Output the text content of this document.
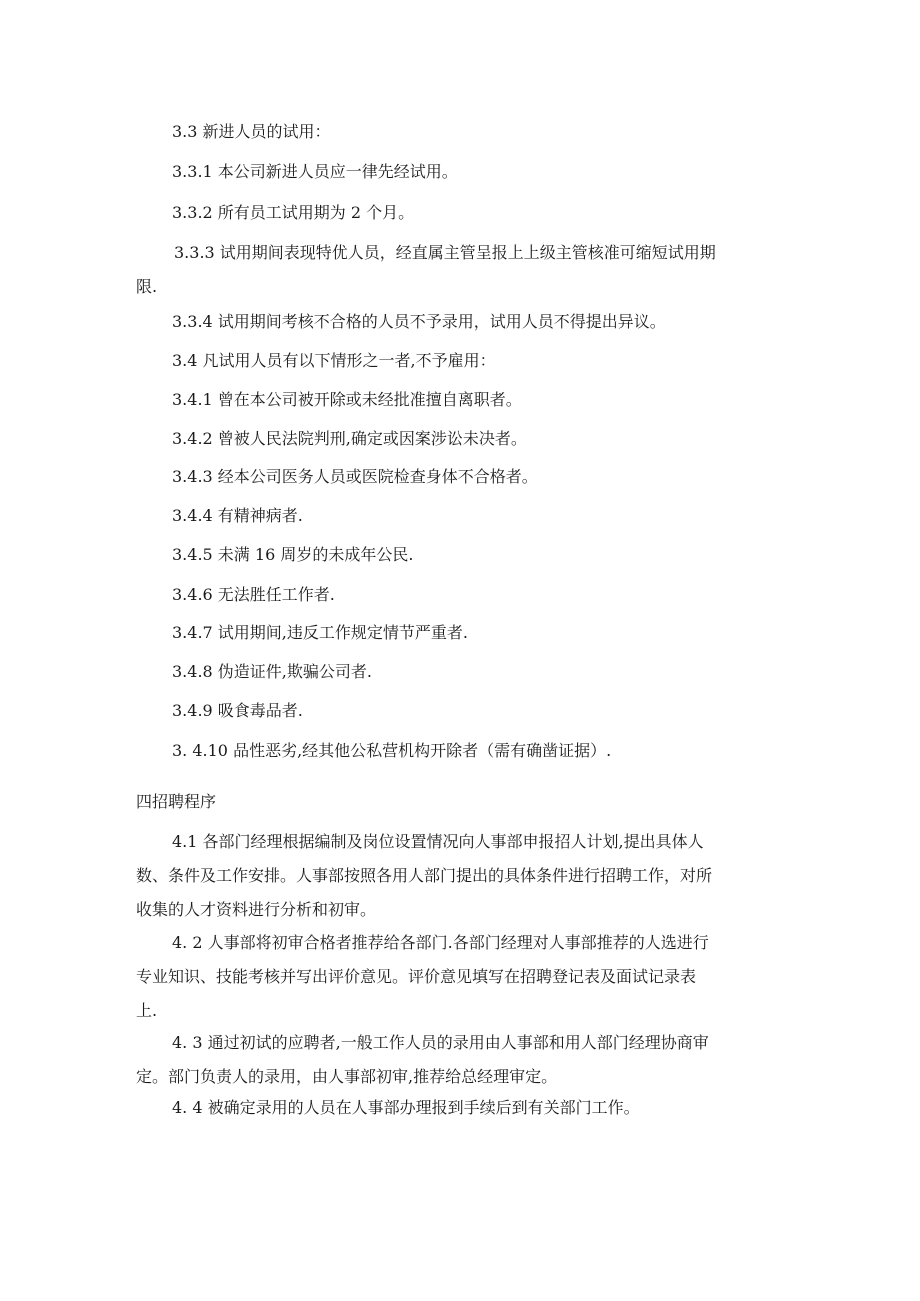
3.3 新进人员的试用：

3.3.1 本公司新进人员应一律先经试用。

3.3.2 所有员工试用期为 2 个月。

3.3.3 试用期间表现特优人员，经直属主管呈报上上级主管核准可缩短试用期
限.

3.3.4 试用期间考核不合格的人员不予录用，试用人员不得提出异议。

3.4 凡试用人员有以下情形之一者,不予雇用：

3.4.1 曾在本公司被开除或未经批准擅自离职者。

3.4.2 曾被人民法院判刑,确定或因案涉讼未决者。

3.4.3 经本公司医务人员或医院检查身体不合格者。

3.4.4 有精神病者.

3.4.5 未满 16 周岁的未成年公民.

3.4.6 无法胜任工作者.

3.4.7 试用期间,违反工作规定情节严重者.

3.4.8 伪造证件,欺骗公司者.

3.4.9 吸食毒品者.

3. 4.10 品性恶劣,经其他公私营机构开除者（需有确凿证据）.

四招聘程序

4.1 各部门经理根据编制及岗位设置情况向人事部申报招人计划,提出具体人
数、条件及工作安排。人事部按照各用人部门提出的具体条件进行招聘工作，对所
收集的人才资料进行分析和初审。
4. 2 人事部将初审合格者推荐给各部门.各部门经理对人事部推荐的人选进行
专业知识、技能考核并写出评价意见。评价意见填写在招聘登记表及面试记录表
上.
4. 3 通过初试的应聘者,一般工作人员的录用由人事部和用人部门经理协商审
定。部门负责人的录用，由人事部初审,推荐给总经理审定。

4. 4 被确定录用的人员在人事部办理报到手续后到有关部门工作。
